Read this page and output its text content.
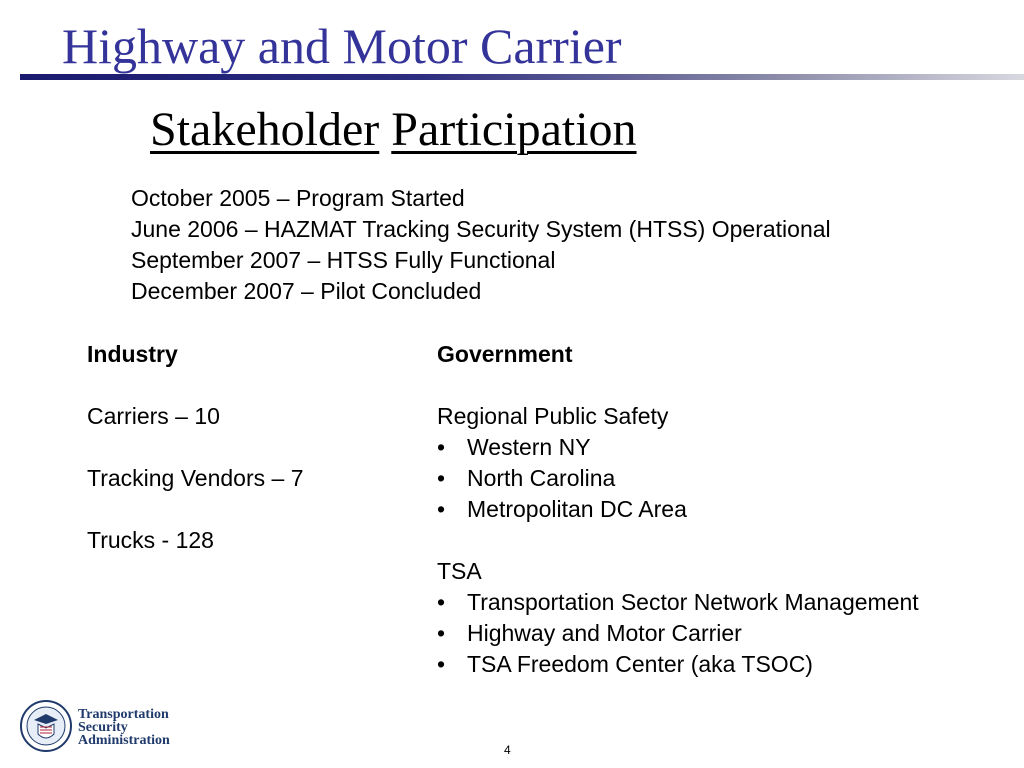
Highway and Motor Carrier
Stakeholder Participation
October 2005 – Program Started
June 2006 – HAZMAT Tracking Security System (HTSS) Operational
September 2007 – HTSS Fully Functional
December 2007 – Pilot Concluded
Industry
Carriers – 10
Tracking Vendors – 7
Trucks - 128
Government
Regional Public Safety
• Western NY
• North Carolina
• Metropolitan DC Area
TSA
• Transportation Sector Network Management
• Highway and Motor Carrier
• TSA Freedom Center (aka TSOC)
Transportation
Security
Administration
4
